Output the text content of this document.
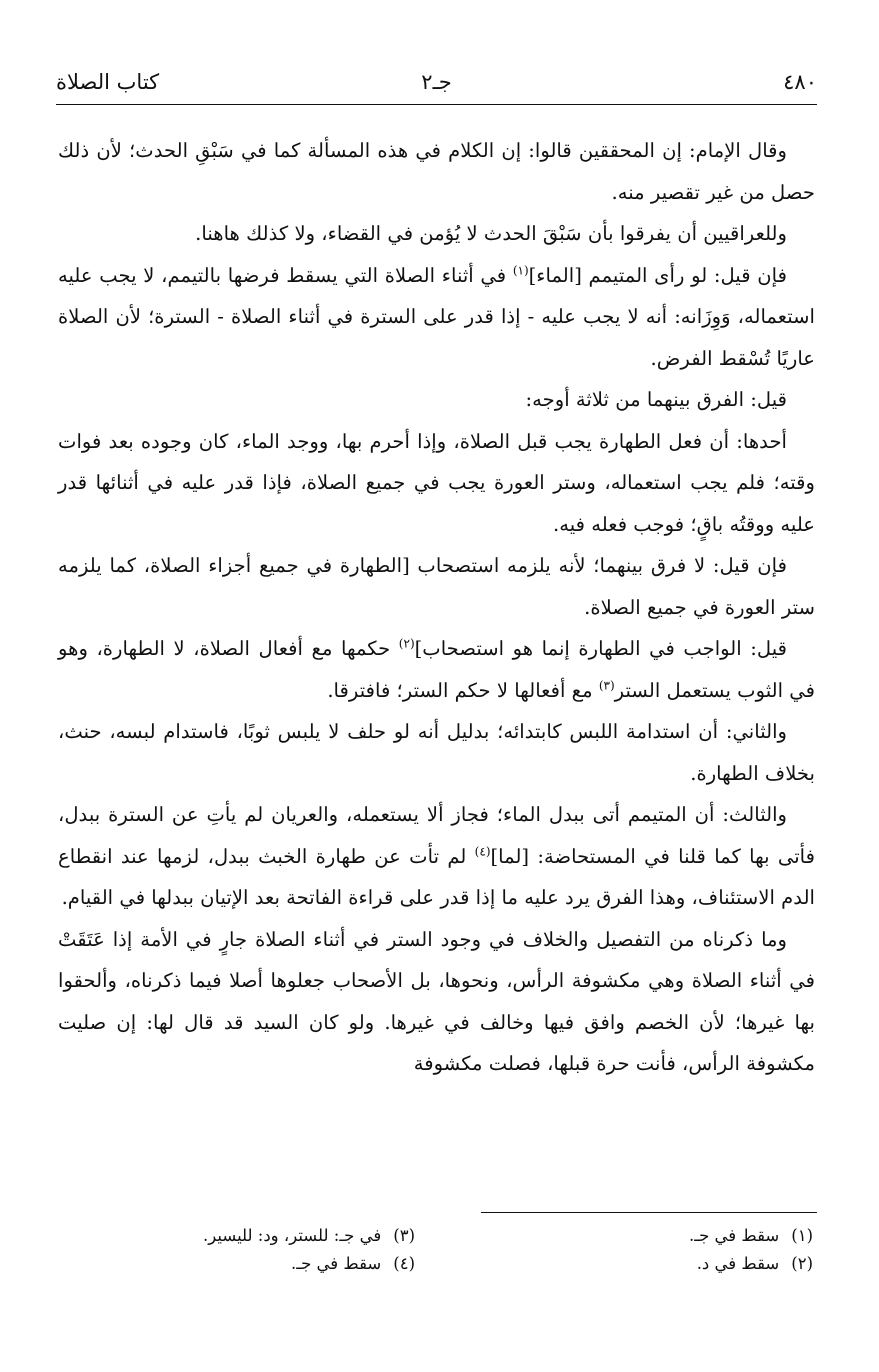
٤٨٠
جـ٢
كتاب الصلاة

وقال الإمام: إن المحققين قالوا: إن الكلام في هذه المسألة كما في سَبْقِ الحدث؛ لأن ذلك حصل من غير تقصير منه.

وللعراقيين أن يفرقوا بأن سَبْقَ الحدث لا يُؤمن في القضاء، ولا كذلك هاهنا.

فإن قيل: لو رأى المتيمم [الماء]$^{(١)}$ في أثناء الصلاة التي يسقط فرضها بالتيمم، لا يجب عليه استعماله، وَوِزَانه: أنه لا يجب عليه - إذا قدر على السترة في أثناء الصلاة - السترة؛ لأن الصلاة عاريًا تُسْقط الفرض.

قيل: الفرق بينهما من ثلاثة أوجه:

أحدها: أن فعل الطهارة يجب قبل الصلاة، وإذا أحرم بها، ووجد الماء، كان وجوده بعد فوات وقته؛ فلم يجب استعماله، وستر العورة يجب في جميع الصلاة، فإذا قدر عليه في أثنائها قدر عليه ووقتُه باقٍ؛ فوجب فعله فيه.

فإن قيل: لا فرق بينهما؛ لأنه يلزمه استصحاب [الطهارة في جميع أجزاء الصلاة، كما يلزمه ستر العورة في جميع الصلاة.

قيل: الواجب في الطهارة إنما هو استصحاب]$^{(٢)}$ حكمها مع أفعال الصلاة، لا الطهارة، وهو في الثوب يستعمل الستر$^{(٣)}$ مع أفعالها لا حكم الستر؛ فافترقا.

والثاني: أن استدامة اللبس كابتدائه؛ بدليل أنه لو حلف لا يلبس ثوبًا، فاستدام لبسه، حنث، بخلاف الطهارة.

والثالث: أن المتيمم أتى ببدل الماء؛ فجاز ألا يستعمله، والعريان لم يأتِ عن السترة ببدل، فأتى بها كما قلنا في المستحاضة: [لما]$^{(٤)}$ لم تأت عن طهارة الخبث ببدل، لزمها عند انقطاع الدم الاستئناف، وهذا الفرق يرد عليه ما إذا قدر على قراءة الفاتحة بعد الإتيان ببدلها في القيام.

وما ذكرناه من التفصيل والخلاف في وجود الستر في أثناء الصلاة جارٍ في الأمة إذا عَتَقَتْ في أثناء الصلاة وهي مكشوفة الرأس، ونحوها، بل الأصحاب جعلوها أصلا فيما ذكرناه، وألحقوا بها غيرها؛ لأن الخصم وافق فيها وخالف في غيرها. ولو كان السيد قد قال لها: إن صليت مكشوفة الرأس، فأنت حرة قبلها، فصلت مكشوفة

(١)سقط في جـ.
(٢)سقط في د.
(٣)في جـ: للستر، ود: لليسير.
(٤)سقط في جـ.
